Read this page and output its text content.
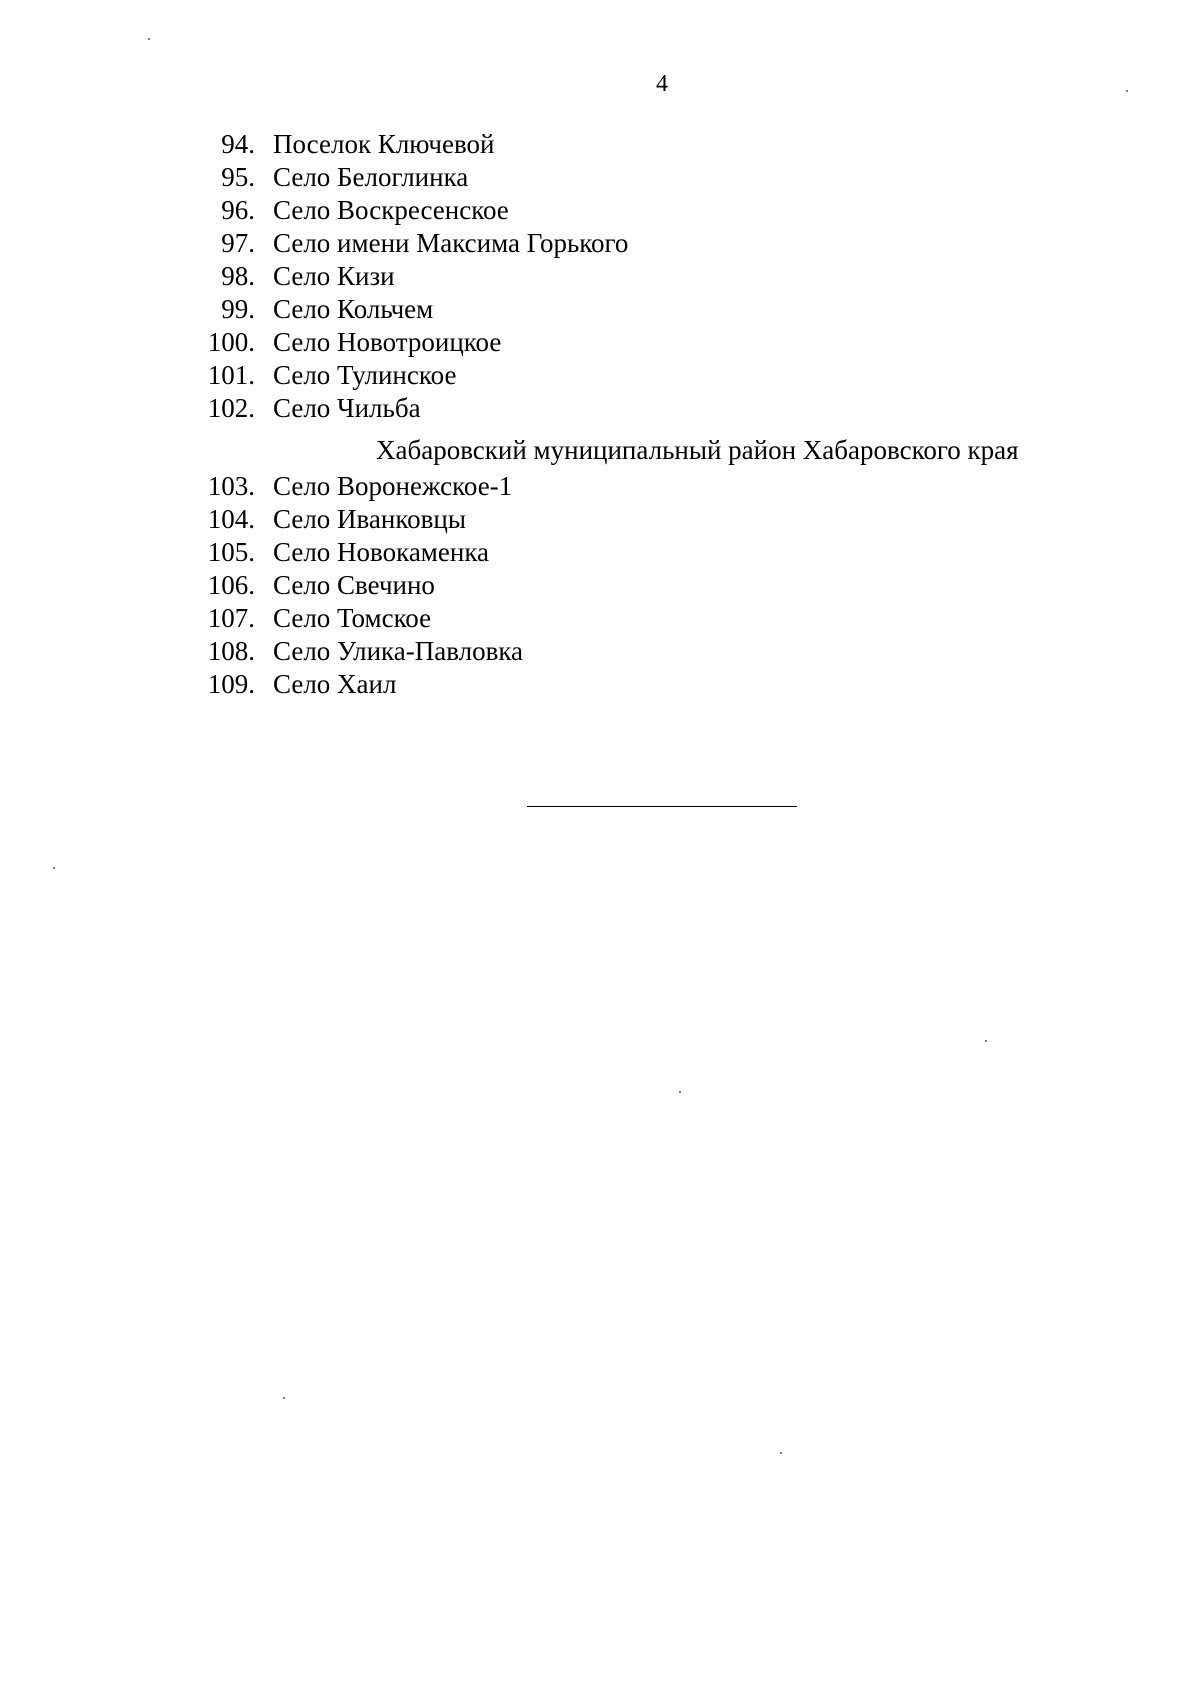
4
94. Поселок Ключевой
95. Село Белоглинка
96. Село Воскресенское
97. Село имени Максима Горького
98. Село Кизи
99. Село Кольчем
100. Село Новотроицкое
101. Село Тулинское
102. Село Чильба
Хабаровский муниципальный район Хабаровского края
103. Село Воронежское-1
104. Село Иванковцы
105. Село Новокаменка
106. Село Свечино
107. Село Томское
108. Село Улика-Павловка
109. Село Хаил
